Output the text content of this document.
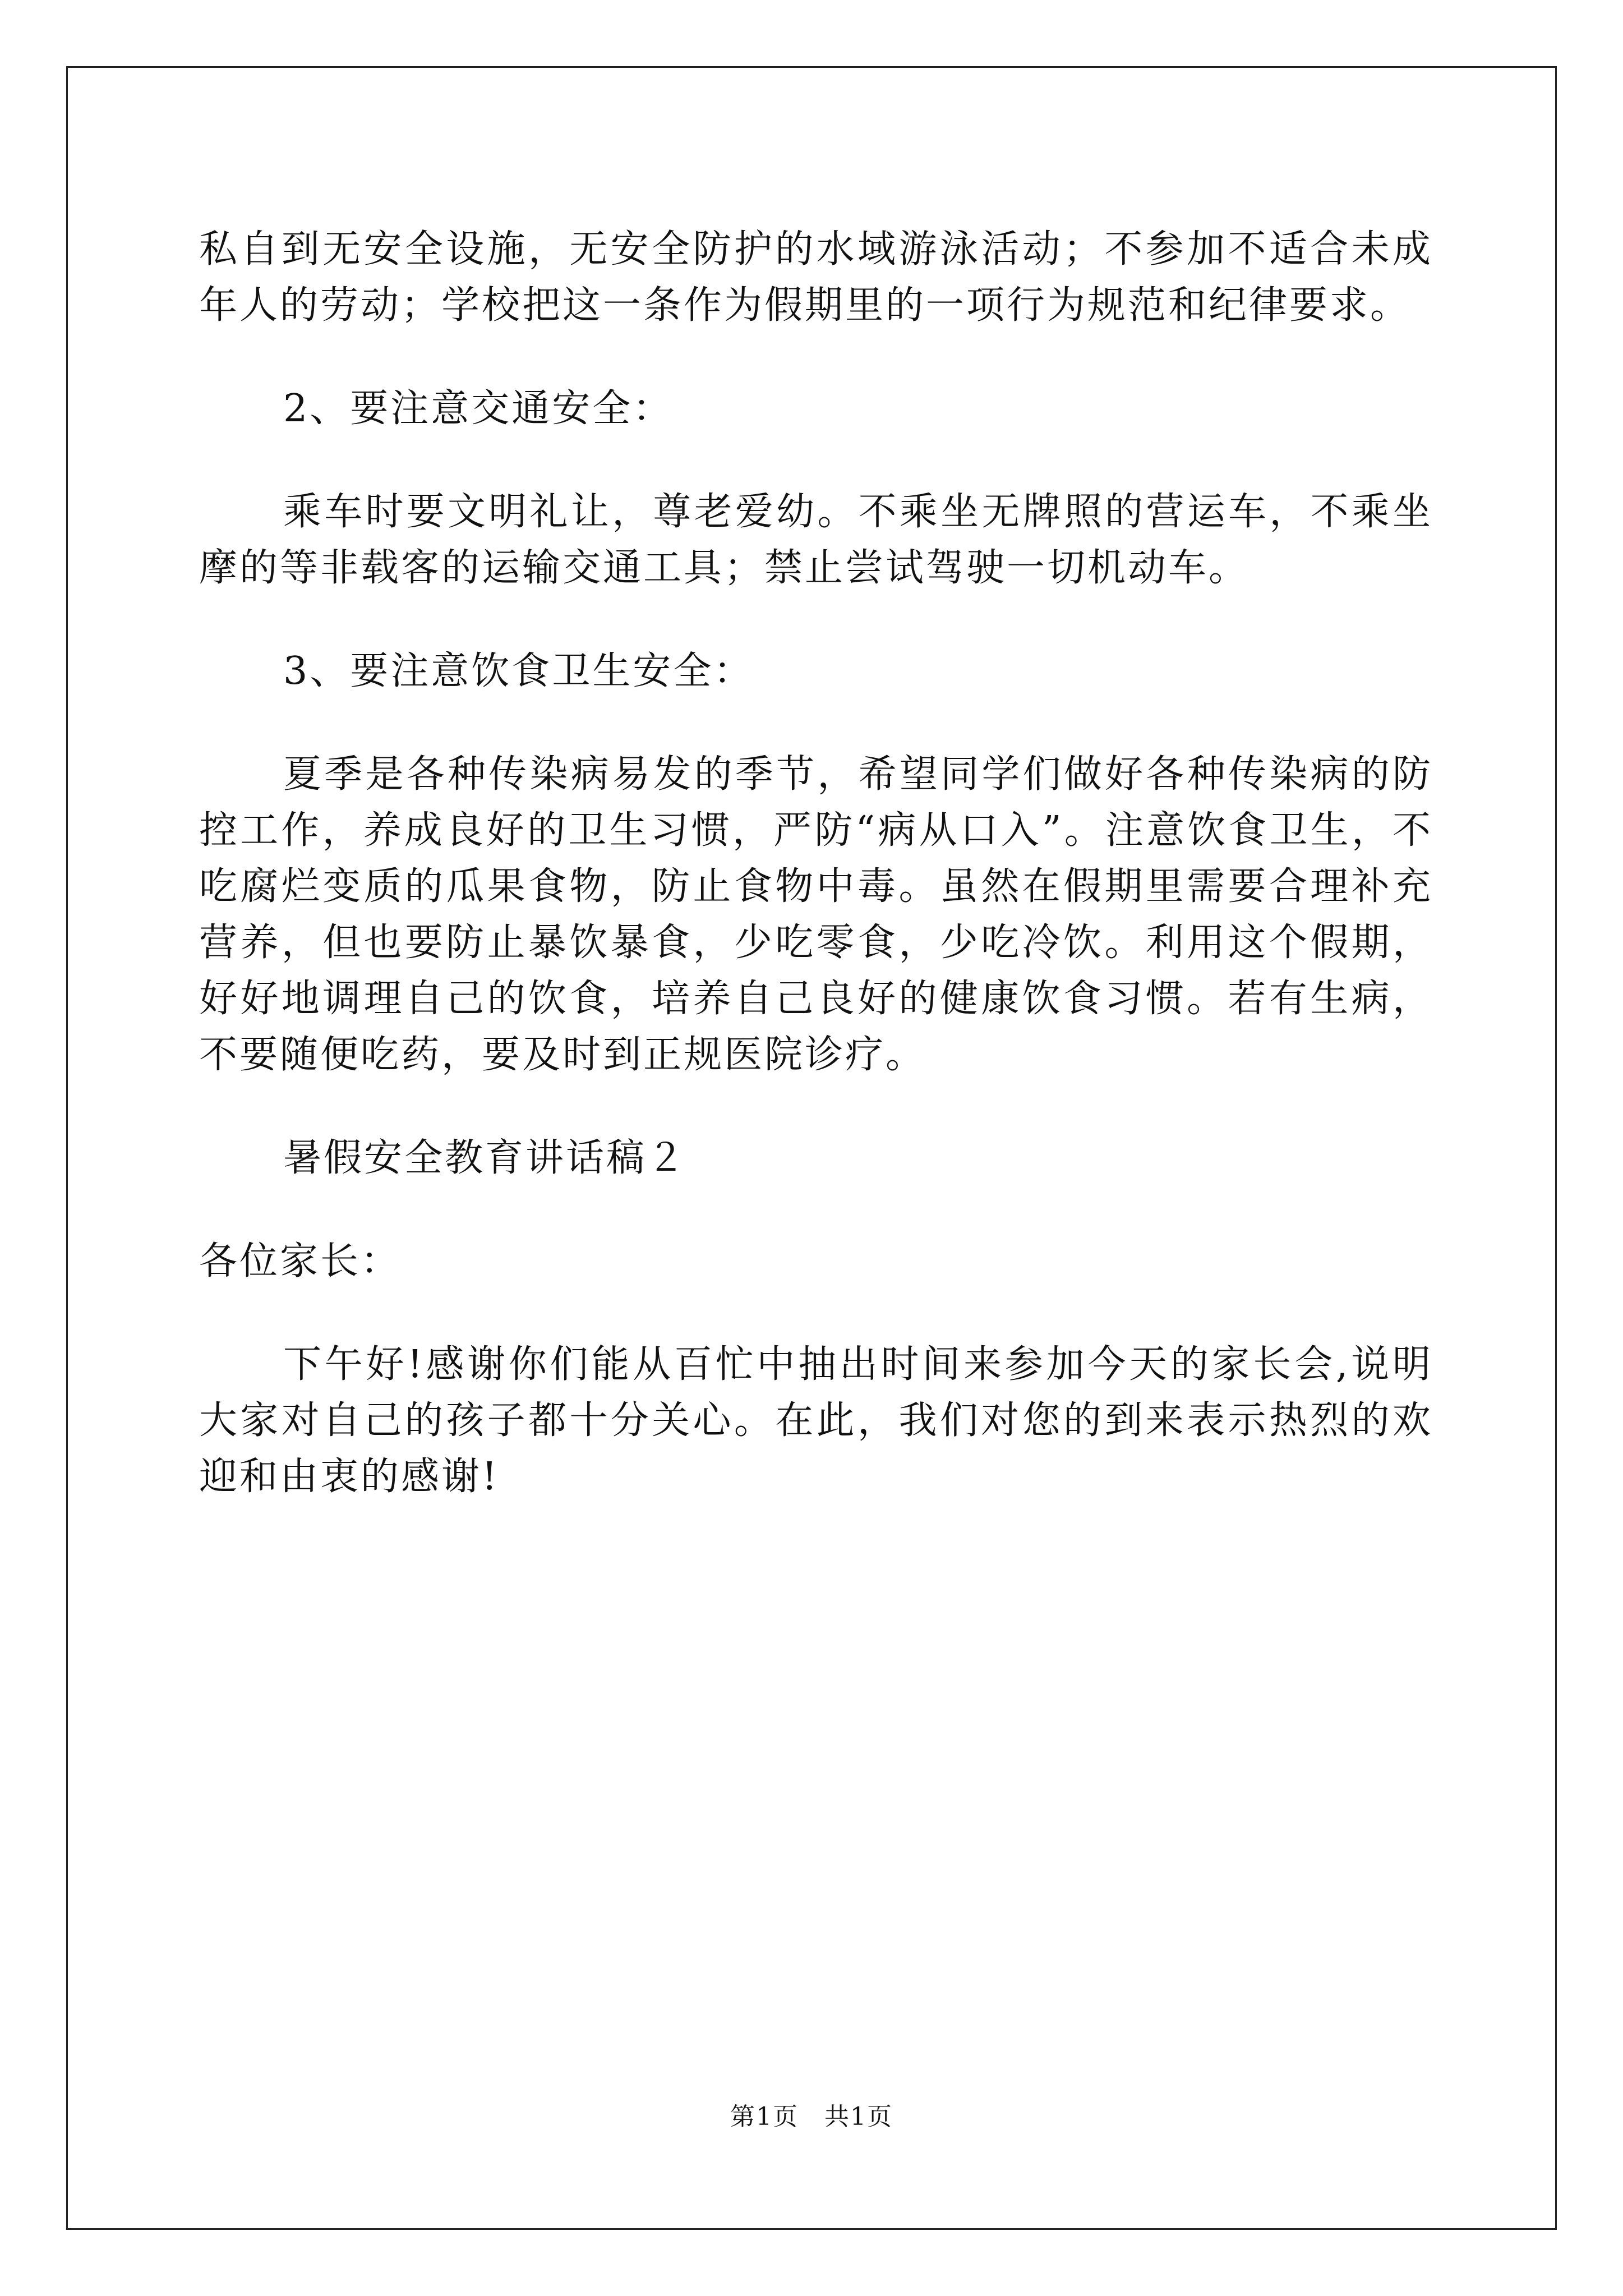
私自到无安全设施，无安全防护的水域游泳活动；不参加不适合未成年人的劳动；学校把这一条作为假期里的一项行为规范和纪律要求。

2、要注意交通安全：

乘车时要文明礼让，尊老爱幼。不乘坐无牌照的营运车，不乘坐摩的等非载客的运输交通工具；禁止尝试驾驶一切机动车。

3、要注意饮食卫生安全：

夏季是各种传染病易发的季节，希望同学们做好各种传染病的防控工作，养成良好的卫生习惯，严防“病从口入”。注意饮食卫生，不吃腐烂变质的瓜果食物，防止食物中毒。虽然在假期里需要合理补充营养，但也要防止暴饮暴食，少吃零食，少吃冷饮。利用这个假期，好好地调理自己的饮食，培养自己良好的健康饮食习惯。若有生病，不要随便吃药，要及时到正规医院诊疗。

暑假安全教育讲话稿２

各位家长：

下午好!感谢你们能从百忙中抽出时间来参加今天的家长会,说明大家对自己的孩子都十分关心。在此，我们对您的到来表示热烈的欢迎和由衷的感谢!

第1页　共1页
